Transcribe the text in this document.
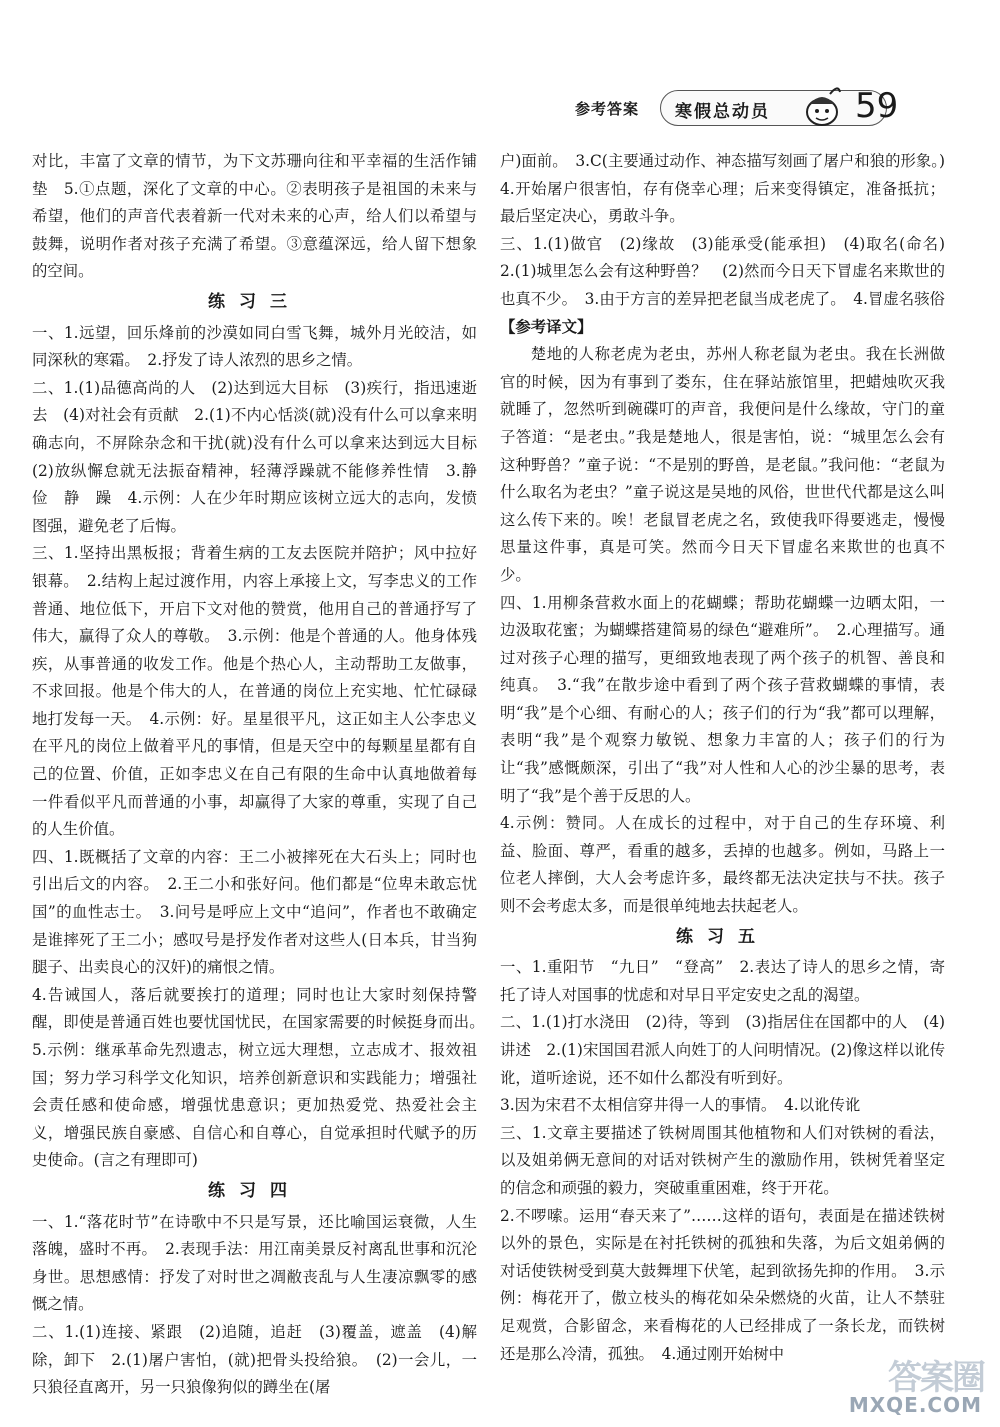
参考答案 寒假总动员	59

对比，丰富了文章的情节，为下文苏珊向往和平幸福的生活作铺垫　5.①点题，深化了文章的中心。②表明孩子是祖国的未来与希望，他们的声音代表着新一代对未来的心声，给人们以希望与鼓舞，说明作者对孩子充满了希望。③意蕴深远，给人留下想象的空间。

练习三

一、1.远望，回乐烽前的沙漠如同白雪飞舞，城外月光皎洁，如同深秋的寒霜。　2.抒发了诗人浓烈的思乡之情。

二、1.(1)品德高尚的人　(2)达到远大目标　(3)疾行，指迅速逝去　(4)对社会有贡献　2.(1)不内心恬淡(就)没有什么可以拿来明确志向，不屏除杂念和干扰(就)没有什么可以拿来达到远大目标　(2)放纵懈怠就无法振奋精神，轻薄浮躁就不能修养性情　3.静　俭　静　躁　4.示例：人在少年时期应该树立远大的志向，发愤图强，避免老了后悔。

三、1.坚持出黑板报；背着生病的工友去医院并陪护；风中拉好银幕。　2.结构上起过渡作用，内容上承接上文，写李忠义的工作普通、地位低下，开启下文对他的赞赏，他用自己的普通抒写了伟大，赢得了众人的尊敬。　3.示例：他是个普通的人。他身体残疾，从事普通的收发工作。他是个热心人，主动帮助工友做事，不求回报。他是个伟大的人，在普通的岗位上充实地、忙忙碌碌地打发每一天。　4.示例：好。星星很平凡，这正如主人公李忠义在平凡的岗位上做着平凡的事情，但是天空中的每颗星星都有自己的位置、价值，正如李忠义在自己有限的生命中认真地做着每一件看似平凡而普通的小事，却赢得了大家的尊重，实现了自己的人生价值。

四、1.既概括了文章的内容：王二小被摔死在大石头上；同时也引出后文的内容。　2.王二小和张好问。他们都是“位卑未敢忘忧国”的血性志士。　3.问号是呼应上文中“追问”，作者也不敢确定是谁摔死了王二小；感叹号是抒发作者对这些人(日本兵，甘当狗腿子、出卖良心的汉奸)的痛恨之情。

4.告诫国人，落后就要挨打的道理；同时也让大家时刻保持警醒，即使是普通百姓也要忧国忧民，在国家需要的时候挺身而出。　5.示例：继承革命先烈遗志，树立远大理想，立志成才、报效祖国；努力学习科学文化知识，培养创新意识和实践能力；增强社会责任感和使命感，增强忧患意识；更加热爱党、热爱社会主义，增强民族自豪感、自信心和自尊心，自觉承担时代赋予的历史使命。(言之有理即可)

练习四

一、1.“落花时节”在诗歌中不只是写景，还比喻国运衰微，人生落魄，盛时不再。　2.表现手法：用江南美景反衬离乱世事和沉沦身世。思想感情：抒发了对时世之凋敝丧乱与人生凄凉飘零的感慨之情。

二、1.(1)连接、紧跟　(2)追随，追赶　(3)覆盖，遮盖　(4)解除，卸下　2.(1)屠户害怕，(就)把骨头投给狼。　(2)一会儿，一只狼径直离开，另一只狼像狗似的蹲坐在(屠

户)面前。　3.C(主要通过动作、神态描写刻画了屠户和狼的形象。)　4.开始屠户很害怕，存有侥幸心理；后来变得镇定，准备抵抗；最后坚定决心，勇敢斗争。

三、1.(1)做官　(2)缘故　(3)能承受(能承担)　(4)取名(命名)　2.(1)城里怎么会有这种野兽？　(2)然而今日天下冒虚名来欺世的也真不少。　3.由于方言的差异把老鼠当成老虎了。　4.冒虚名骇俗

【参考译文】

楚地的人称老虎为老虫，苏州人称老鼠为老虫。我在长洲做官的时候，因为有事到了娄东，住在驿站旅馆里，把蜡烛吹灭我就睡了，忽然听到碗碟叮的声音，我便问是什么缘故，守门的童子答道：“是老虫。”我是楚地人，很是害怕，说：“城里怎么会有这种野兽？”童子说：“不是别的野兽，是老鼠。”我问他：“老鼠为什么取名为老虫？”童子说这是吴地的风俗，世世代代都是这么叫这么传下来的。唉！老鼠冒老虎之名，致使我吓得要逃走，慢慢思量这件事，真是可笑。然而今日天下冒虚名来欺世的也真不少。

四、1.用柳条营救水面上的花蝴蝶；帮助花蝴蝶一边晒太阳，一边汲取花蜜；为蝴蝶搭建简易的绿色“避难所”。　2.心理描写。通过对孩子心理的描写，更细致地表现了两个孩子的机智、善良和纯真。　3.“我”在散步途中看到了两个孩子营救蝴蝶的事情，表明“我”是个心细、有耐心的人；孩子们的行为“我”都可以理解，表明“我”是个观察力敏锐、想象力丰富的人；孩子们的行为让“我”感慨颇深，引出了“我”对人性和人心的沙尘暴的思考，表明了“我”是个善于反思的人。

4.示例：赞同。人在成长的过程中，对于自己的生存环境、利益、脸面、尊严，看重的越多，丢掉的也越多。例如，马路上一位老人摔倒，大人会考虑许多，最终都无法决定扶与不扶。孩子则不会考虑太多，而是很单纯地去扶起老人。

练习五

一、1.重阳节　“九日”　“登高”　2.表达了诗人的思乡之情，寄托了诗人对国事的忧虑和对早日平定安史之乱的渴望。

二、1.(1)打水浇田　(2)待，等到　(3)指居住在国都中的人　(4)讲述　2.(1)宋国国君派人向姓丁的人问明情况。(2)像这样以讹传讹，道听途说，还不如什么都没有听到好。

3.因为宋君不太相信穿井得一人的事情。　4.以讹传讹

三、1.文章主要描述了铁树周围其他植物和人们对铁树的看法，以及姐弟俩无意间的对话对铁树产生的激励作用，铁树凭着坚定的信念和顽强的毅力，突破重重困难，终于开花。

2.不啰嗦。运用“春天来了”……这样的语句，表面是在描述铁树以外的景色，实际是在衬托铁树的孤独和失落，为后文姐弟俩的对话使铁树受到莫大鼓舞埋下伏笔，起到欲扬先抑的作用。　3.示例：梅花开了，傲立枝头的梅花如朵朵燃烧的火苗，让人不禁驻足观赏，合影留念，来看梅花的人已经排成了一条长龙，而铁树还是那么冷清，孤独。　4.通过刚开始树中

答案圈
MXQE.COM
